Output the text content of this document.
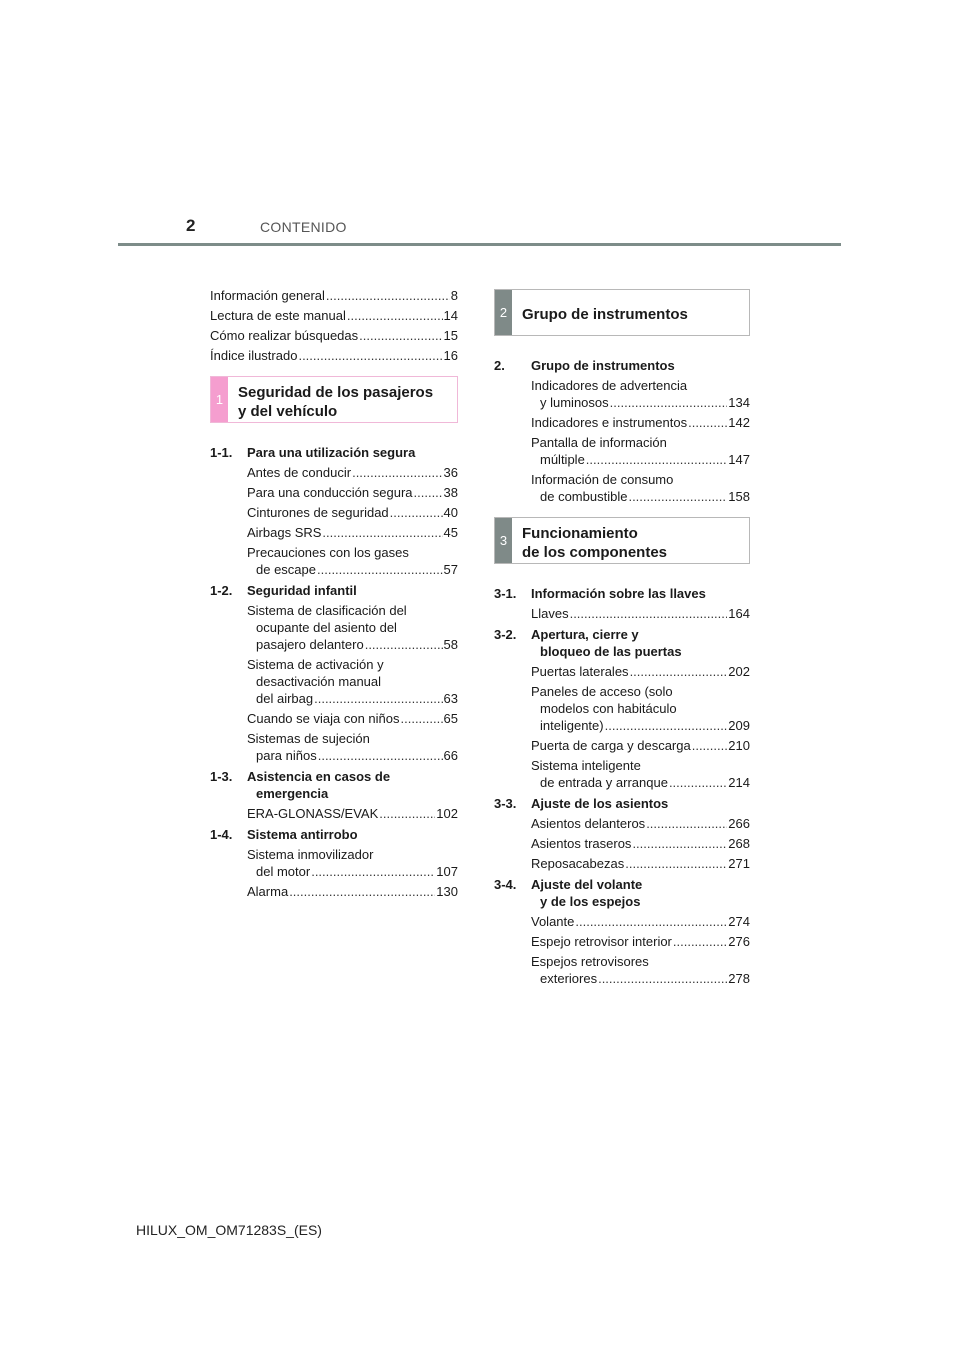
2	CONTENIDO
Información general .....	8
Lectura de este manual .....	14
Cómo realizar búsquedas .....	15
Índice ilustrado .....	16
1 Seguridad de los pasajeros
y del vehículo
1-1.	Para una utilización segura
Antes de conducir .....	36
Para una conducción segura ..... 38
Cinturones de seguridad .....	40
Airbags SRS .....	45
Precauciones con los gases
de escape .....	57
1-2.	Seguridad infantil
Sistema de clasificación del
ocupante del asiento del
pasajero delantero .....	58
Sistema de activación y
desactivación manual
del airbag .....	63
Cuando se viaja con niños .....	65
Sistemas de sujeción
para niños .....	66
1-3.	Asistencia en casos de
emergencia
ERA-GLONASS/EVAK .....	102
1-4.	Sistema antirrobo
Sistema inmovilizador
del motor .....	107
Alarma .....	130
2 Grupo de instrumentos
2.	Grupo de instrumentos
Indicadores de advertencia
y luminosos .....	134
Indicadores e instrumentos .....	142
Pantalla de información
múltiple .....	147
Información de consumo
de combustible .....	158
3 Funcionamiento
de los componentes
3-1.	Información sobre las llaves
Llaves .....	164
3-2.	Apertura, cierre y
bloqueo de las puertas
Puertas laterales .....	202
Paneles de acceso (solo
modelos con habitáculo
inteligente) .....	209
Puerta de carga y descarga .....	210
Sistema inteligente
de entrada y arranque .....	214
3-3.	Ajuste de los asientos
Asientos delanteros .....	266
Asientos traseros .....	268
Reposacabezas .....	271
3-4.	Ajuste del volante
y de los espejos
Volante .....	274
Espejo retrovisor interior .....	276
Espejos retrovisores
exteriores .....	278
HILUX_OM_OM71283S_(ES)
